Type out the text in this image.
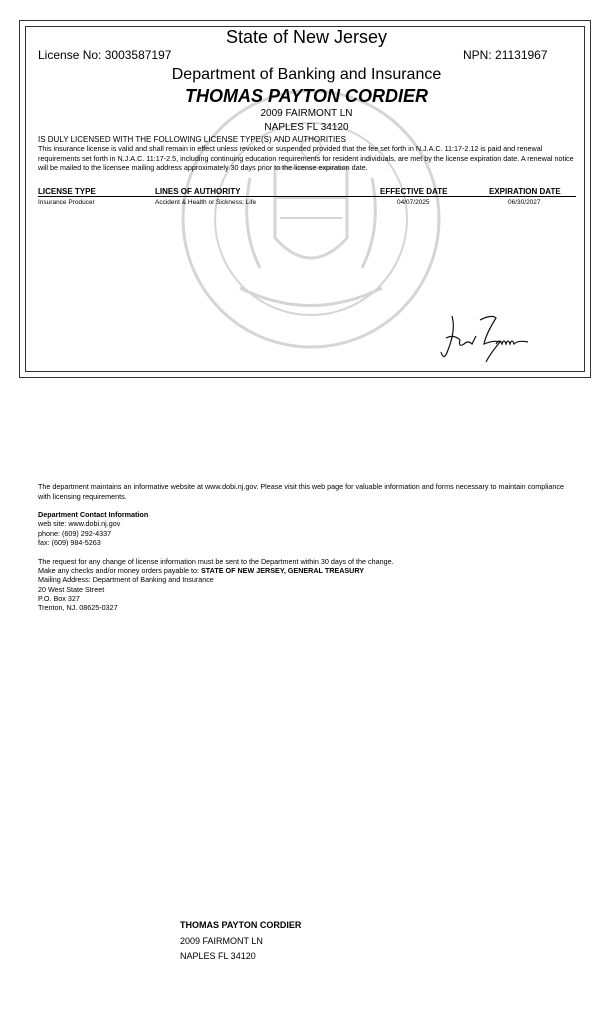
State of New Jersey
License No: 3003587197	NPN: 21131967
Department of Banking and Insurance
THOMAS PAYTON CORDIER
2009 FAIRMONT LN
NAPLES FL 34120
IS DULY LICENSED WITH THE FOLLOWING LICENSE TYPE(S) AND AUTHORITIES
This insurance license is valid and shall remain in effect unless revoked or suspended provided that the fee set forth in N.J.A.C. 11:17-2.12 is paid and renewal requirements set forth in N.J.A.C. 11:17-2.5, including continuing education requirements for resident individuals, are met by the license expiration date. A renewal notice will be mailed to the licensee mailing address approximately 30 days prior to the license expiration date.
LICENSE TYPE	LINES OF AUTHORITY	EFFECTIVE DATE	EXPIRATION DATE
Insurance Producer	Accident & Health or Sickness; Life	04/07/2025	06/30/2027
The department maintains an informative website at www.dobi.nj.gov. Please visit this web page for valuable information and forms necessary to maintain compliance with licensing requirements.
Department Contact Information
web site: www.dobi.nj.gov
phone: (609) 292-4337
fax: (609) 984-5263
The request for any change of license information must be sent to the Department within 30 days of the change.
Make any checks and/or money orders payable to: STATE OF NEW JERSEY, GENERAL TREASURY
Mailing Address: Department of Banking and Insurance
20 West State Street
P.O. Box 327
Trenton, NJ. 08625-0327
THOMAS PAYTON CORDIER
2009 FAIRMONT LN
NAPLES FL 34120
